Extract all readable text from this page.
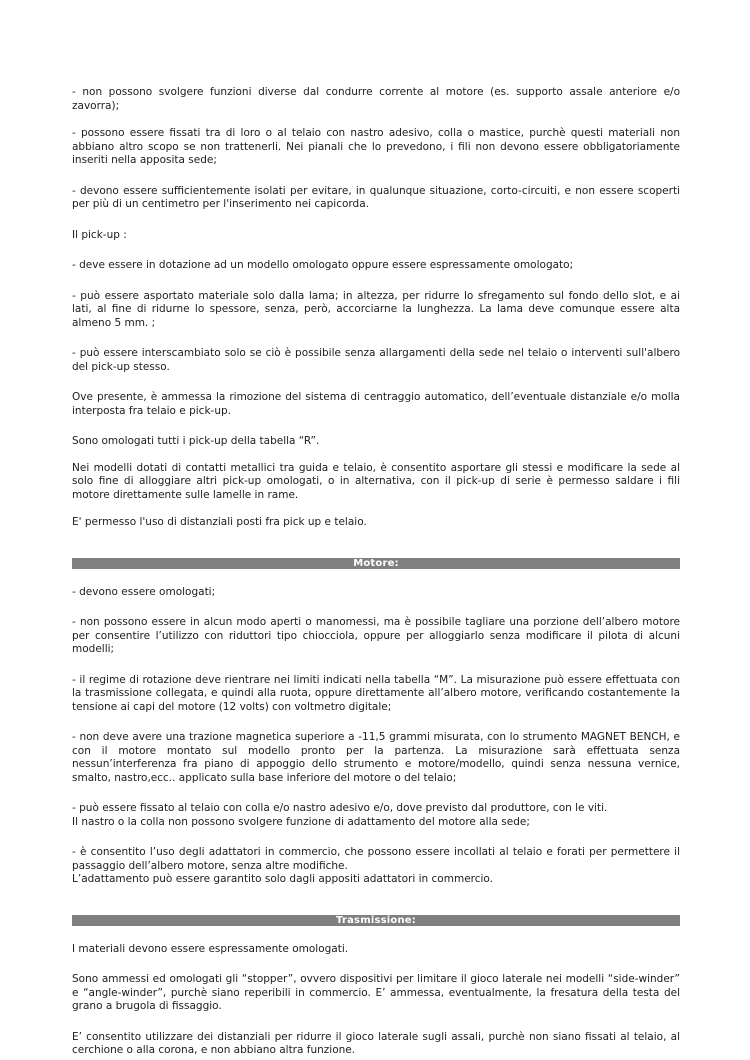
- non possono svolgere funzioni diverse dal condurre corrente al motore (es. supporto assale anteriore e/o zavorra);

- possono essere fissati tra di loro o al telaio con nastro adesivo, colla o mastice, purchè questi materiali non abbiano altro scopo se non trattenerli. Nei pianali che lo prevedono, i fili non devono essere obbligatoriamente inseriti nella apposita sede;

- devono essere sufficientemente isolati per evitare, in qualunque situazione, corto-circuiti, e non essere scoperti per più di un centimetro per l'inserimento nei capicorda.

Il pick-up :

- deve essere in dotazione ad un modello omologato oppure essere espressamente omologato;

- può essere asportato materiale solo dalla lama; in altezza, per ridurre lo sfregamento sul fondo dello slot, e ai lati, al fine di ridurne lo spessore, senza, però, accorciarne la lunghezza. La lama deve comunque essere alta almeno 5 mm. ;

- può essere interscambiato solo se ciò è possibile senza allargamenti della sede nel telaio o interventi sull'albero del pick-up stesso.

Ove presente, è ammessa la rimozione del sistema di centraggio automatico, dell’eventuale distanziale e/o molla interposta fra telaio e pick-up.

Sono omologati tutti i pick-up della tabella “R”.

Nei modelli dotati di contatti metallici tra guida e telaio, è consentito asportare gli stessi e modificare la sede al solo fine di alloggiare altri pick-up omologati, o in alternativa, con il pick-up di serie è permesso saldare i fili motore direttamente sulle lamelle in rame.

E' permesso l'uso di distanziali posti fra pick up e telaio.

Motore:

- devono essere omologati;

- non possono essere in alcun modo aperti o manomessi, ma è possibile tagliare una porzione dell’albero motore per consentire l’utilizzo con riduttori tipo chiocciola, oppure per alloggiarlo senza modificare il pilota di alcuni modelli;

- il regime di rotazione deve rientrare nei limiti indicati nella tabella “M”. La misurazione può essere effettuata con la trasmissione collegata, e quindi alla ruota, oppure direttamente all’albero motore, verificando costantemente la tensione ai capi del motore (12 volts) con voltmetro digitale;

- non deve avere una trazione magnetica superiore a -11,5 grammi misurata, con lo strumento MAGNET BENCH, e con il motore montato sul modello pronto per la partenza. La misurazione sarà effettuata senza nessun’interferenza fra piano di appoggio dello strumento e motore/modello, quindi senza nessuna vernice, smalto, nastro,ecc.. applicato sulla base inferiore del motore o del telaio;

- può essere fissato al telaio con colla e/o nastro adesivo e/o, dove previsto dal produttore, con le viti.

Il nastro o la colla non possono svolgere funzione di adattamento del motore alla sede;

- è consentito l’uso degli adattatori in commercio, che possono essere incollati al telaio e forati per permettere il passaggio dell’albero motore, senza altre modifiche.

L’adattamento può essere garantito solo dagli appositi adattatori in commercio.

Trasmissione:

I materiali devono essere espressamente omologati.

Sono ammessi ed omologati gli “stopper”, ovvero dispositivi per limitare il gioco laterale nei modelli “side-winder” e “angle-winder”, purchè siano reperibili in commercio. E’ ammessa, eventualmente, la fresatura della testa del grano a brugola di fissaggio.

E’ consentito utilizzare dei distanziali per ridurre il gioco laterale sugli assali, purchè non siano fissati al telaio, al cerchione o alla corona, e non abbiano altra funzione.
